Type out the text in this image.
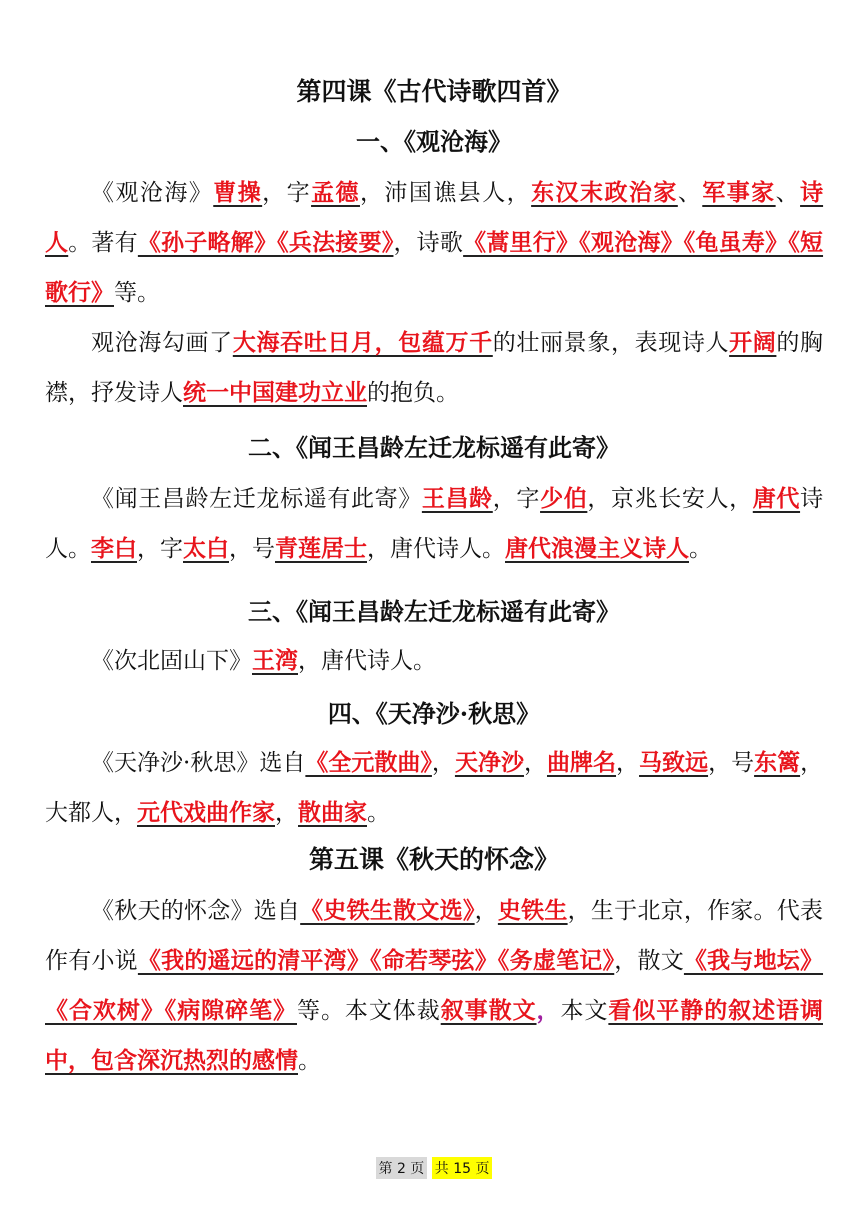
第四课《古代诗歌四首》
一、《观沧海》

《观沧海》曹操，字孟德，沛国谯县人，东汉末政治家、军事家、诗人。著有《孙子略解》《兵法接要》，诗歌《蒿里行》《观沧海》《龟虽寿》《短歌行》等。

观沧海勾画了大海吞吐日月，包蕴万千的壮丽景象，表现诗人开阔的胸襟，抒发诗人统一中国建功立业的抱负。

二、《闻王昌龄左迁龙标遥有此寄》

《闻王昌龄左迁龙标遥有此寄》王昌龄，字少伯，京兆长安人，唐代诗人。李白，字太白，号青莲居士，唐代诗人。唐代浪漫主义诗人。

三、《闻王昌龄左迁龙标遥有此寄》

《次北固山下》王湾，唐代诗人。

四、《天净沙·秋思》

《天净沙·秋思》选自《全元散曲》，天净沙，曲牌名，马致远，号东篱，大都人，元代戏曲作家，散曲家。

第五课《秋天的怀念》

《秋天的怀念》选自《史铁生散文选》，史铁生，生于北京，作家。代表作有小说《我的遥远的清平湾》《命若琴弦》《务虚笔记》，散文《我与地坛》《合欢树》《病隙碎笔》等。本文体裁叙事散文，本文看似平静的叙述语调中，包含深沉热烈的感情。

第 2 页 共 15 页
